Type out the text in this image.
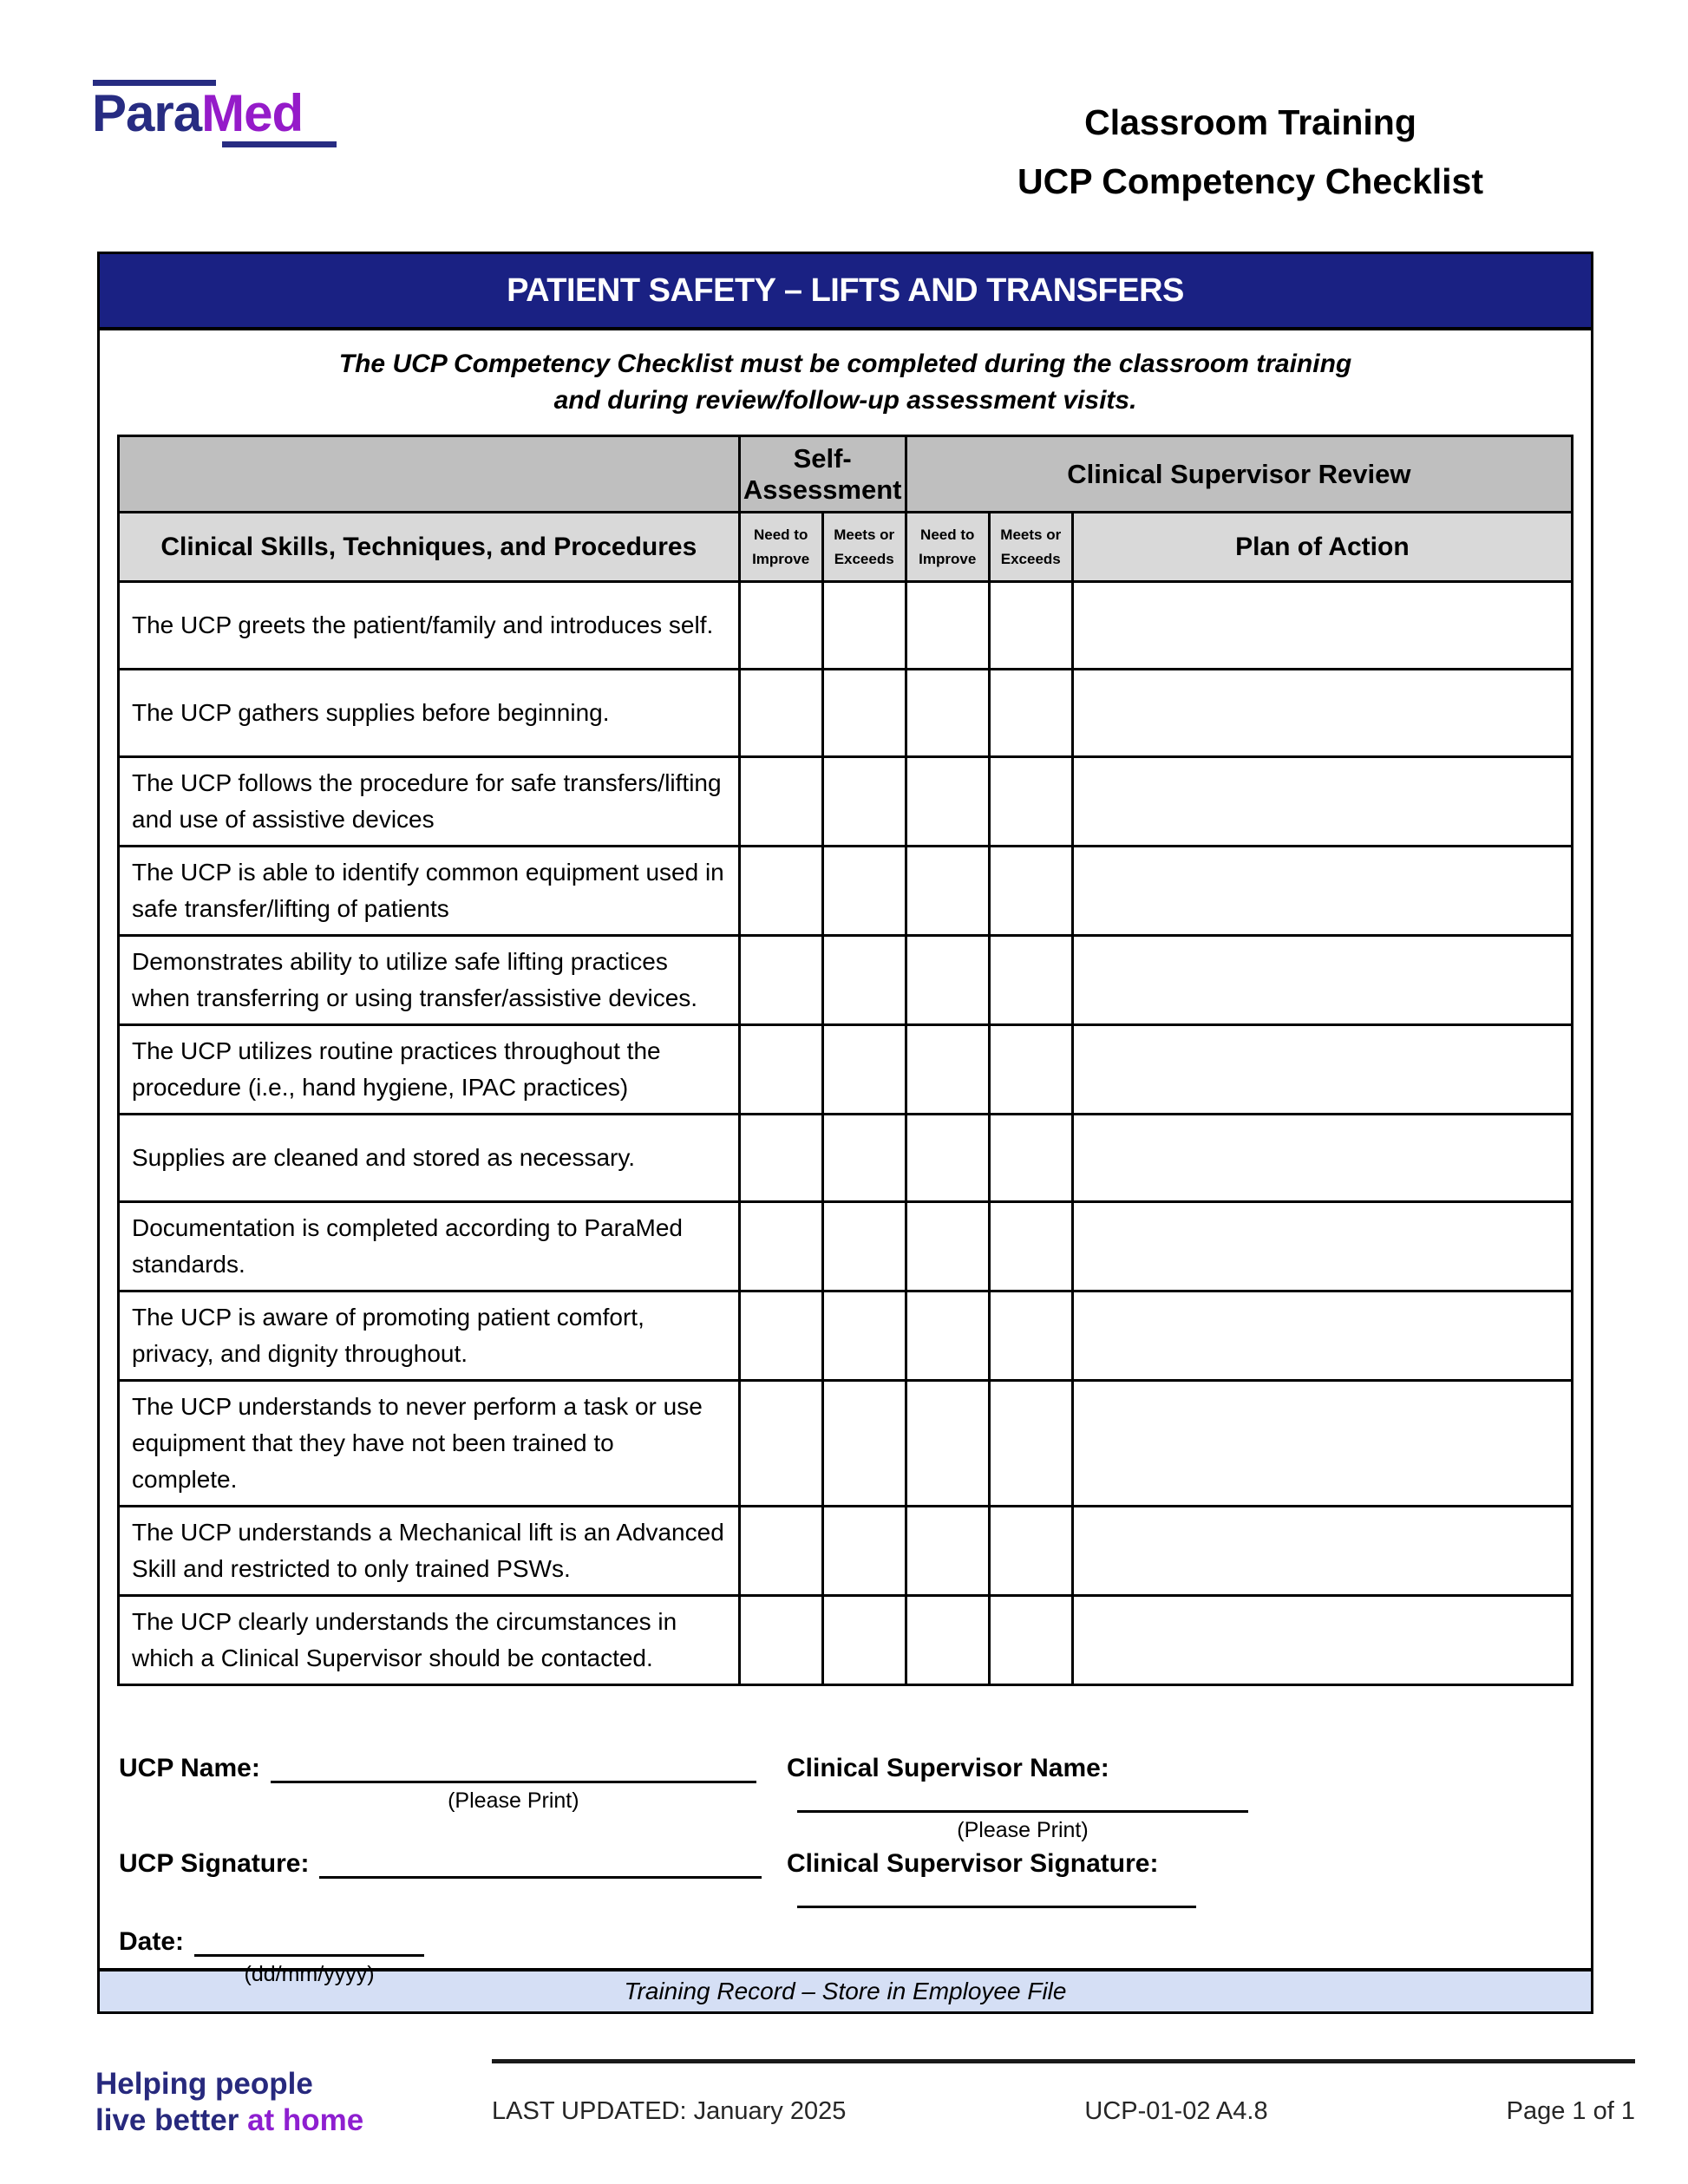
ParaMed	Classroom Training
UCP Competency Checklist
PATIENT SAFETY – LIFTS AND TRANSFERS
The UCP Competency Checklist must be completed during the classroom training and during review/follow-up assessment visits.
	Self-Assessment		Clinical Supervisor Review		
Clinical Skills, Techniques, and Procedures	Need to Improve	Meets or Exceeds	Need to Improve	Meets or Exceeds	Plan of Action
The UCP greets the patient/family and introduces self.					
The UCP gathers supplies before beginning.					
The UCP follows the procedure for safe transfers/lifting and use of assistive devices					
The UCP is able to identify common equipment used in safe transfer/lifting of patients					
Demonstrates ability to utilize safe lifting practices when transferring or using transfer/assistive devices.					
The UCP utilizes routine practices throughout the procedure (i.e., hand hygiene, IPAC practices)					
Supplies are cleaned and stored as necessary.					
Documentation is completed according to ParaMed standards.					
The UCP is aware of promoting patient comfort, privacy, and dignity throughout.					
The UCP understands to never perform a task or use equipment that they have not been trained to complete.					
The UCP understands a Mechanical lift is an Advanced Skill and restricted to only trained PSWs.					
The UCP clearly understands the circumstances in which a Clinical Supervisor should be contacted.					
UCP Name:
(Please Print)
Clinical Supervisor Name:
(Please Print)
UCP Signature:	Clinical Supervisor Signature:
Date:
(dd/mm/yyyy)
Training Record – Store in Employee File
Helping people
live better at home	LAST UPDATED: January 2025	UCP-01-02 A4.8	Page 1 of 1
